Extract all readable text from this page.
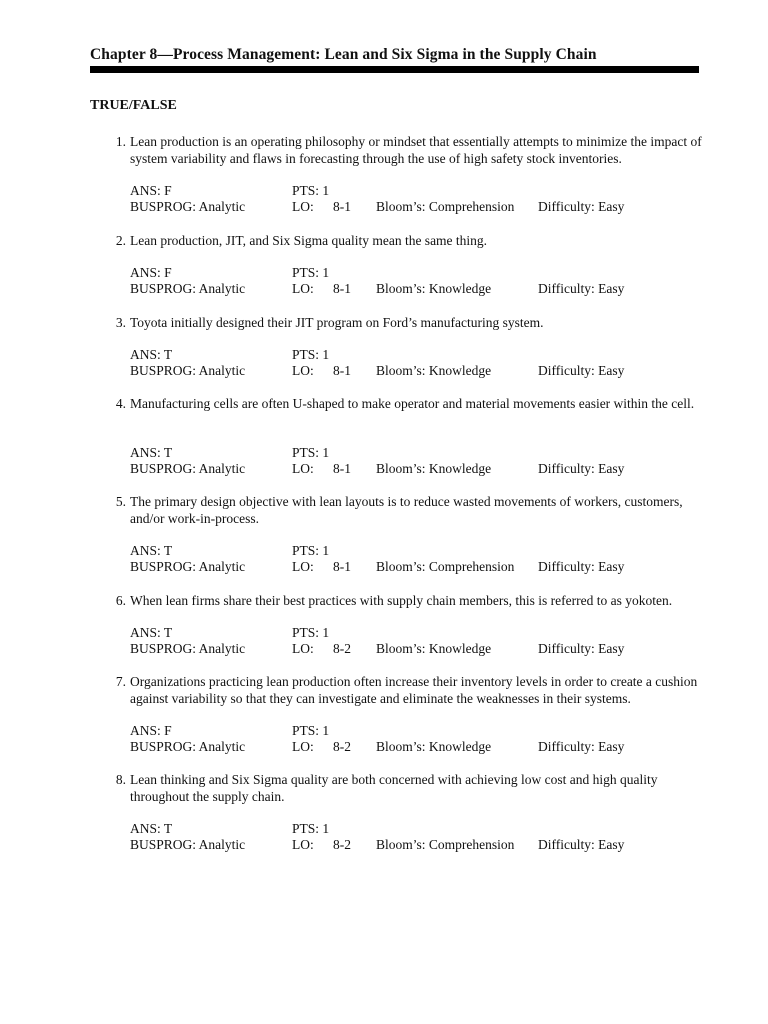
Chapter 8—Process Management: Lean and Six Sigma in the Supply Chain
TRUE/FALSE
1. Lean production is an operating philosophy or mindset that essentially attempts to minimize the impact of system variability and flaws in forecasting through the use of high safety stock inventories.
ANS: F	PTS: 1
BUSPROG: Analytic	LO: 8-1 Bloom’s: Comprehension Difficulty: Easy
2. Lean production, JIT, and Six Sigma quality mean the same thing.
ANS: F	PTS: 1
BUSPROG: Analytic	LO: 8-1 Bloom’s: Knowledge	Difficulty: Easy
3. Toyota initially designed their JIT program on Ford’s manufacturing system.
ANS: T	PTS: 1
BUSPROG: Analytic	LO: 8-1 Bloom’s: Knowledge	Difficulty: Easy
4. Manufacturing cells are often U-shaped to make operator and material movements easier within the cell.
ANS: T	PTS: 1
BUSPROG: Analytic	LO: 8-1 Bloom’s: Knowledge	Difficulty: Easy
5. The primary design objective with lean layouts is to reduce wasted movements of workers, customers, and/or work-in-process.
ANS: T	PTS: 1
BUSPROG: Analytic	LO: 8-1 Bloom’s: Comprehension Difficulty: Easy
6. When lean firms share their best practices with supply chain members, this is referred to as yokoten.
ANS: T	PTS: 1
BUSPROG: Analytic	LO: 8-2 Bloom’s: Knowledge	Difficulty: Easy
7. Organizations practicing lean production often increase their inventory levels in order to create a cushion against variability so that they can investigate and eliminate the weaknesses in their systems.
ANS: F	PTS: 1
BUSPROG: Analytic	LO: 8-2 Bloom’s: Knowledge	Difficulty: Easy
8. Lean thinking and Six Sigma quality are both concerned with achieving low cost and high quality throughout the supply chain.
ANS: T	PTS: 1
BUSPROG: Analytic	LO: 8-2 Bloom’s: Comprehension Difficulty: Easy
